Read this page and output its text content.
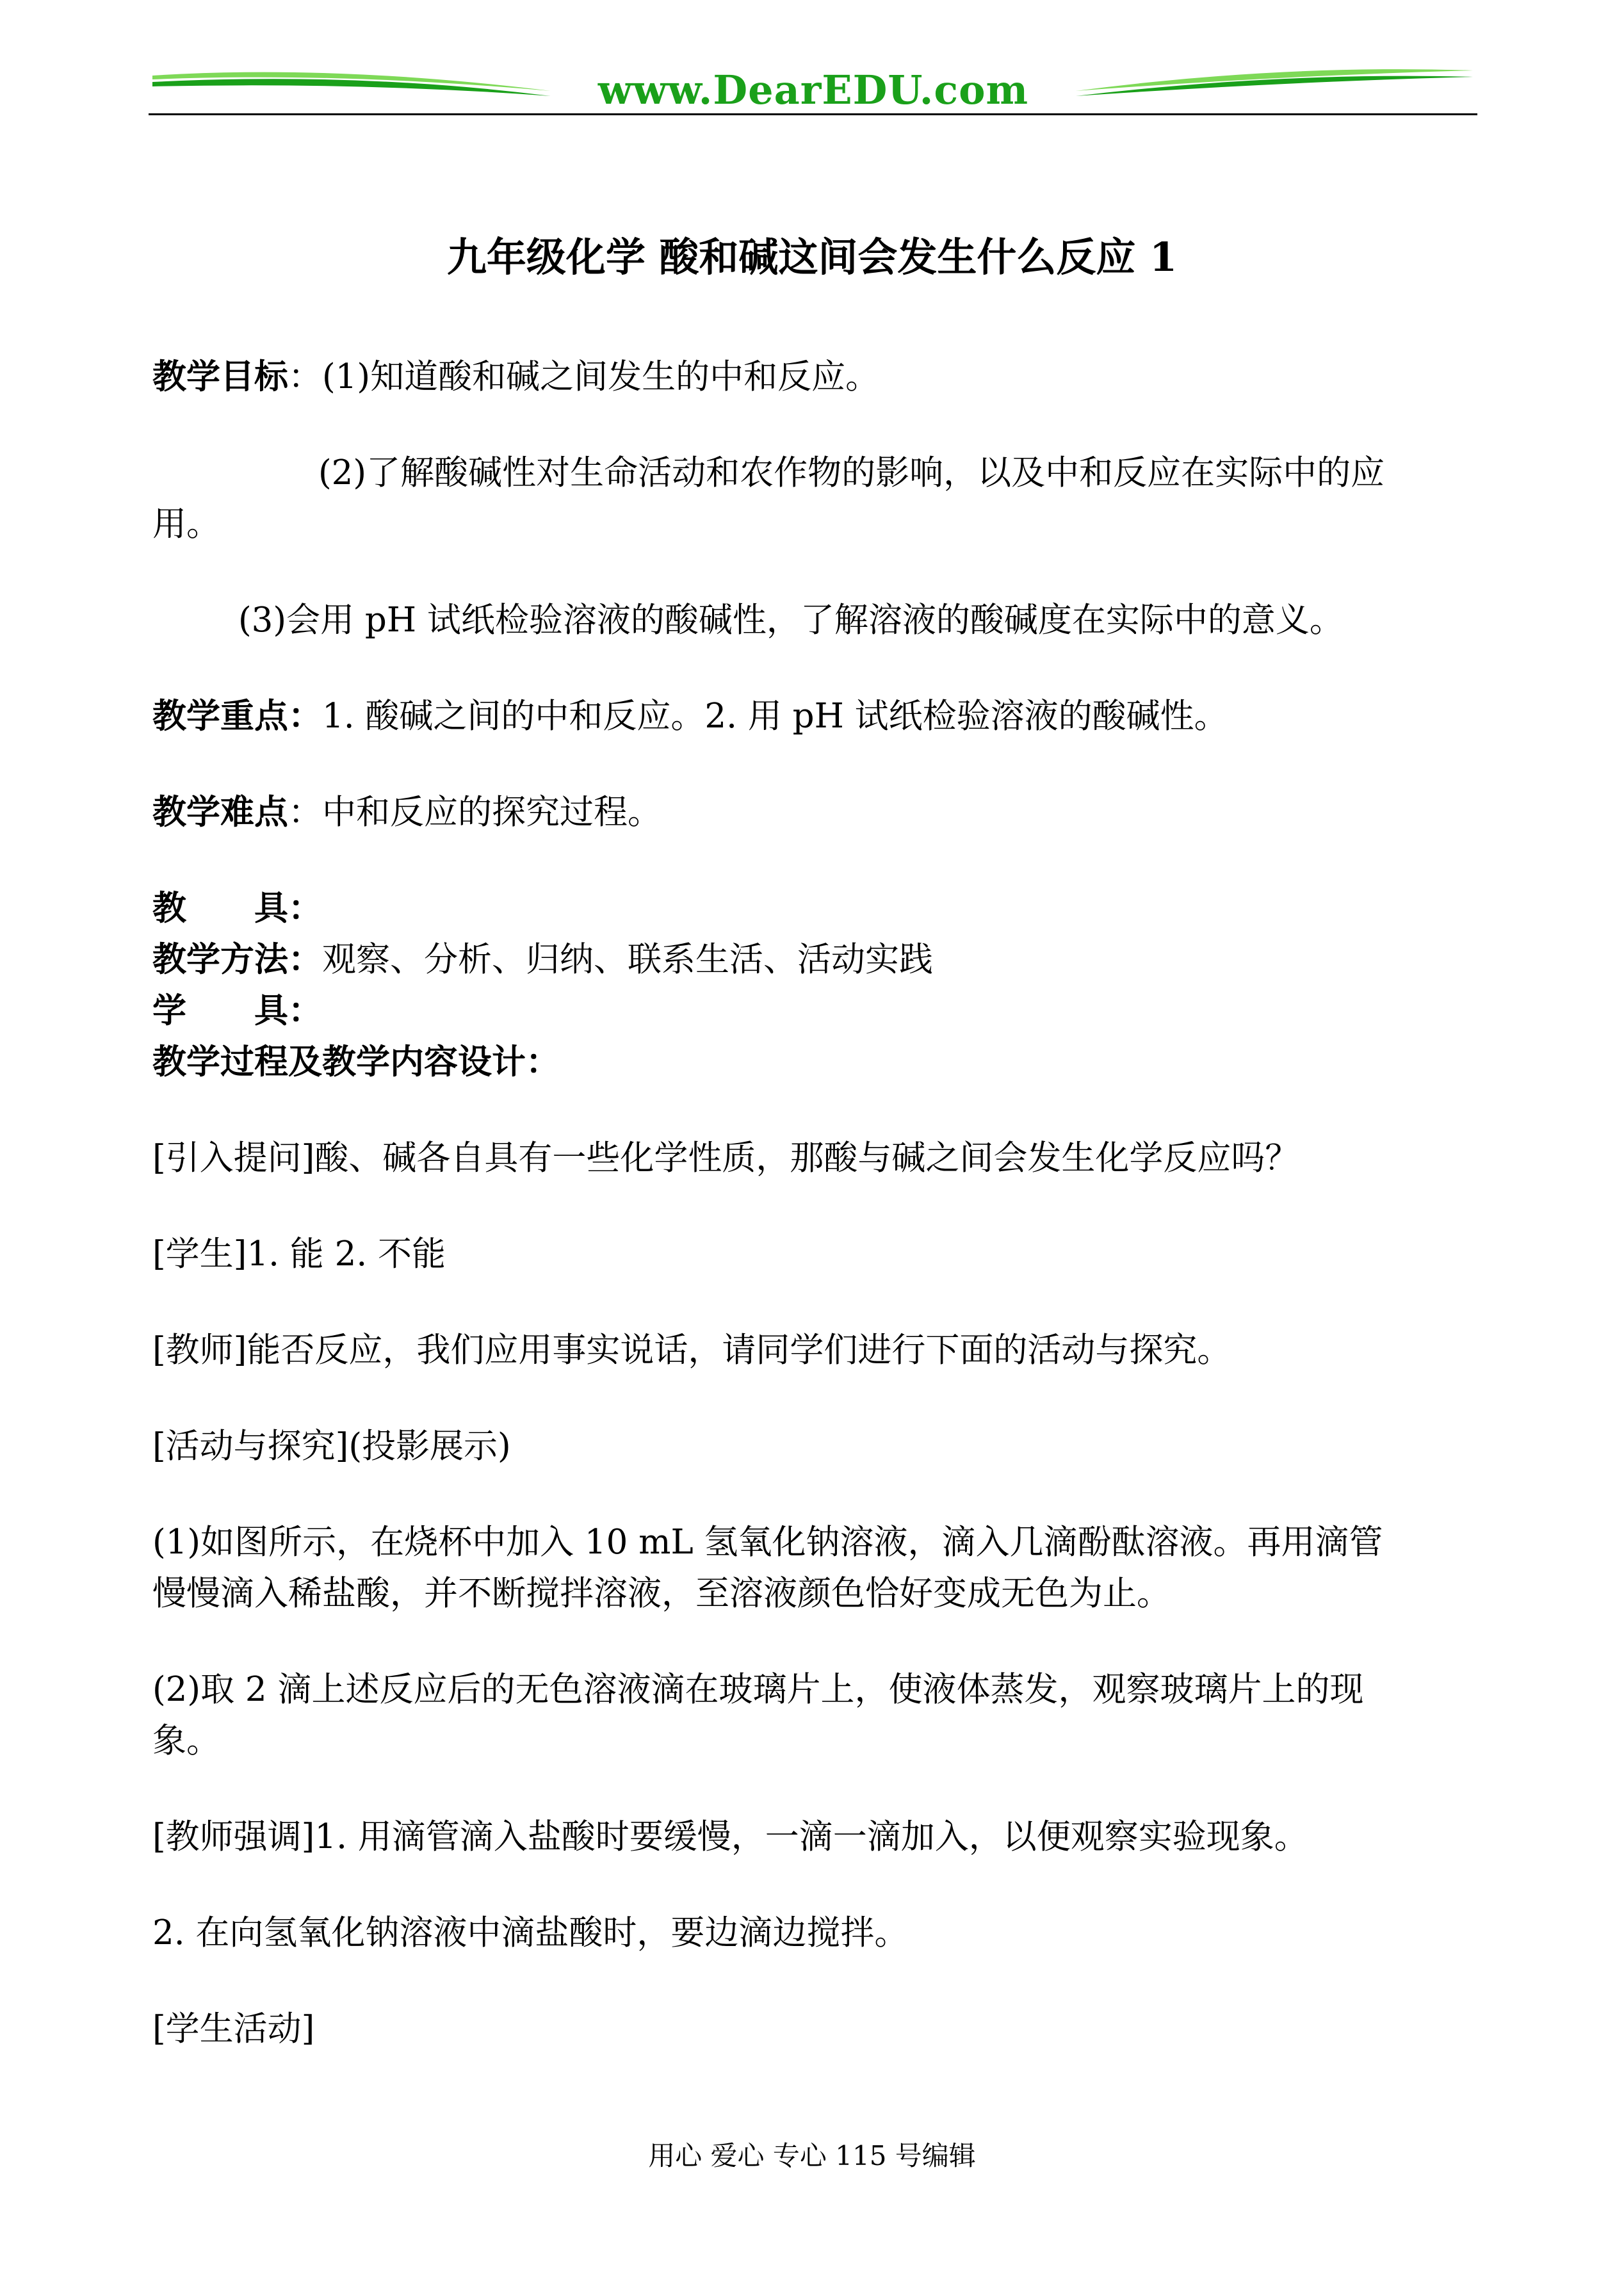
www.DearEDU.com
九年级化学 酸和碱这间会发生什么反应 1
教学目标：(1)知道酸和碱之间发生的中和反应。
(2)了解酸碱性对生命活动和农作物的影响，以及中和反应在实际中的应
用。
(3)会用 pH 试纸检验溶液的酸碱性，了解溶液的酸碱度在实际中的意义。
教学重点：1. 酸碱之间的中和反应。2. 用 pH 试纸检验溶液的酸碱性。
教学难点：中和反应的探究过程。
教　　具：
教学方法：观察、分析、归纳、联系生活、活动实践
学　　具：
教学过程及教学内容设计：
[引入提问]酸、碱各自具有一些化学性质，那酸与碱之间会发生化学反应吗？
[学生]1. 能 2. 不能
[教师]能否反应，我们应用事实说话，请同学们进行下面的活动与探究。
[活动与探究](投影展示)
(1)如图所示，在烧杯中加入 10 mL 氢氧化钠溶液，滴入几滴酚酞溶液。再用滴管
慢慢滴入稀盐酸，并不断搅拌溶液，至溶液颜色恰好变成无色为止。
(2)取 2 滴上述反应后的无色溶液滴在玻璃片上，使液体蒸发，观察玻璃片上的现
象。
[教师强调]1. 用滴管滴入盐酸时要缓慢，一滴一滴加入，以便观察实验现象。
2. 在向氢氧化钠溶液中滴盐酸时，要边滴边搅拌。
[学生活动]
用心 爱心 专心 115 号编辑
